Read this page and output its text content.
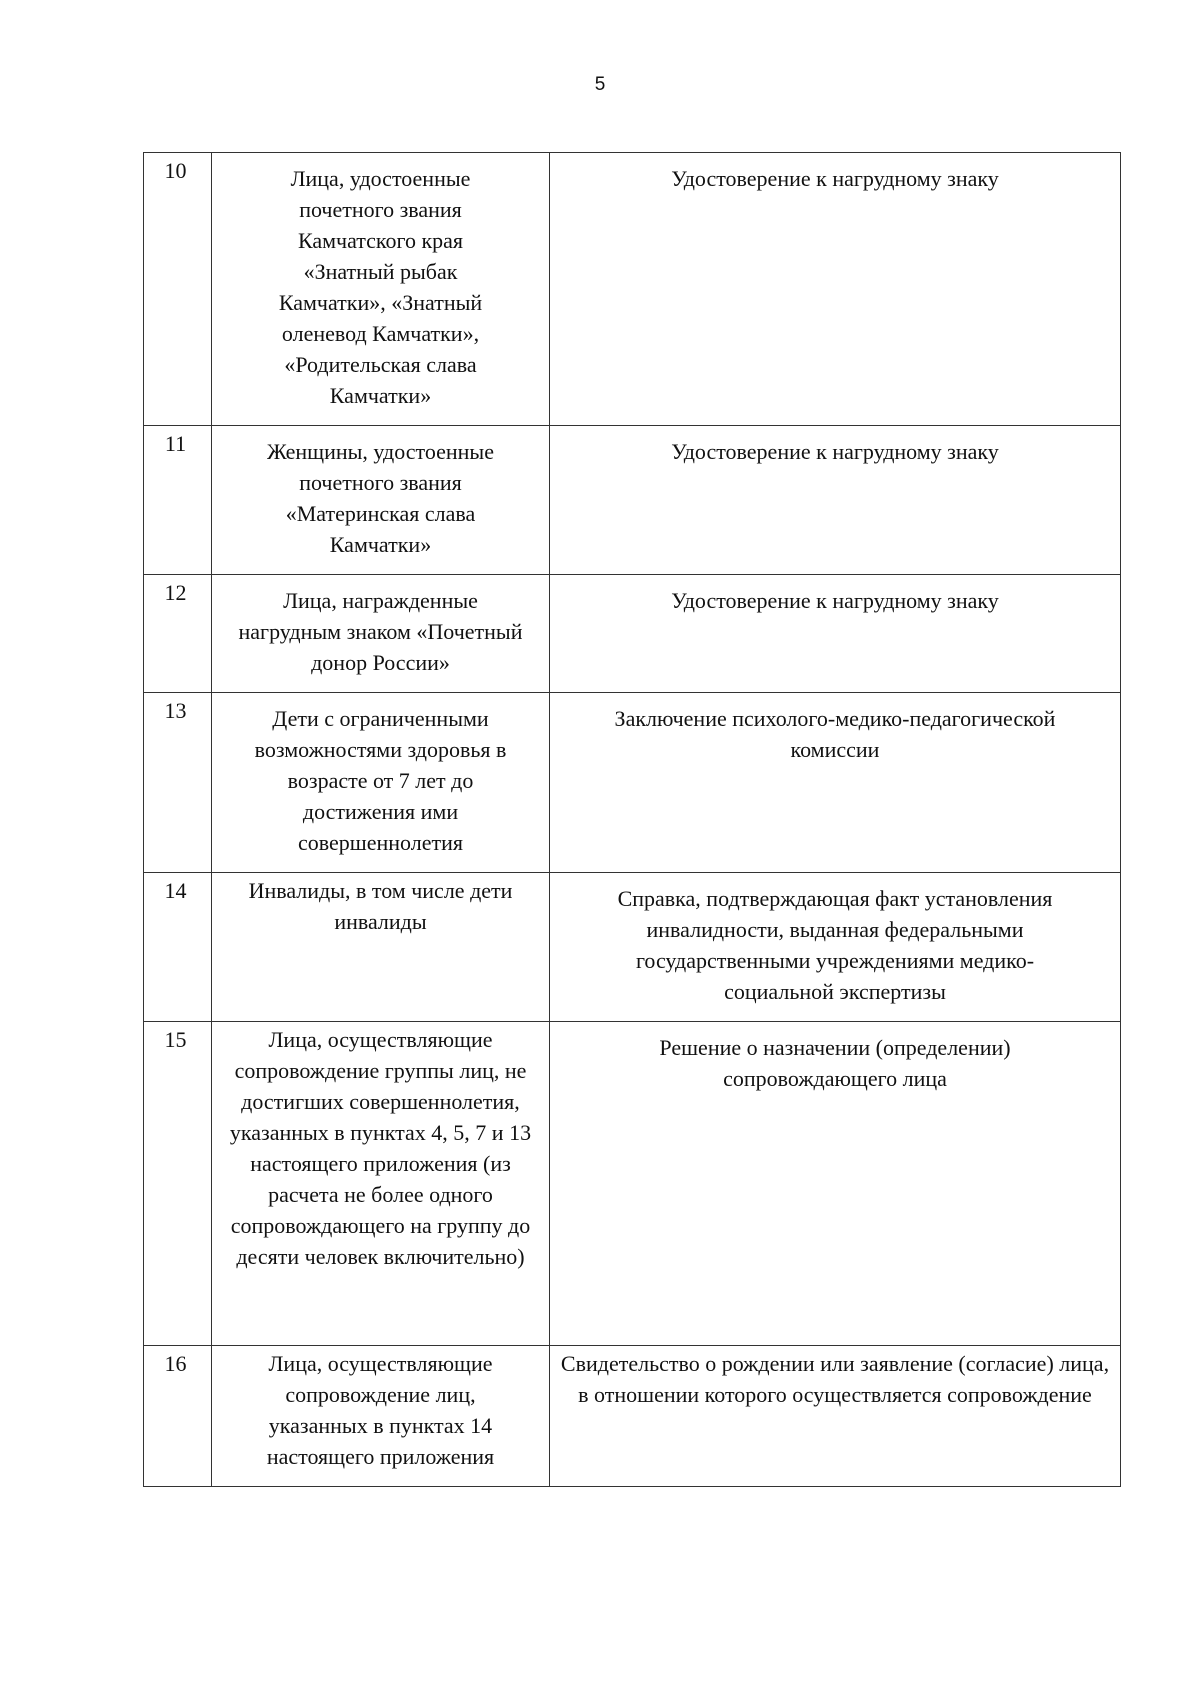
5
10	Лица, удостоенные почетного звания Камчатского края «Знатный рыбак Камчатки», «Знатный оленевод Камчатки», «Родительская слава Камчатки»	Удостоверение к нагрудному знаку

11	Женщины, удостоенные почетного звания «Материнская слава Камчатки»	Удостоверение к нагрудному знаку

12	Лица, награжденные нагрудным знаком «Почетный донор России»	Удостоверение к нагрудному знаку

13	Дети с ограниченными возможностями здоровья в возрасте от 7 лет до достижения ими совершеннолетия	Заключение психолого-медико-педагогической комиссии

14	Инвалиды, в том числе дети инвалиды	Справка, подтверждающая факт установления инвалидности, выданная федеральными государственными учреждениями медико-социальной экспертизы

15	Лица, осуществляющие сопровождение группы лиц, не достигших совершеннолетия, указанных в пунктах 4, 5, 7 и 13 настоящего приложения (из расчета не более одного сопровождающего на группу до десяти человек включительно)	Решение о назначении (определении) сопровождающего лица

16	Лица, осуществляющие сопровождение лиц, указанных в пунктах 14 настоящего приложения	Свидетельство о рождении или заявление (согласие) лица, в отношении которого осуществляется сопровождение
